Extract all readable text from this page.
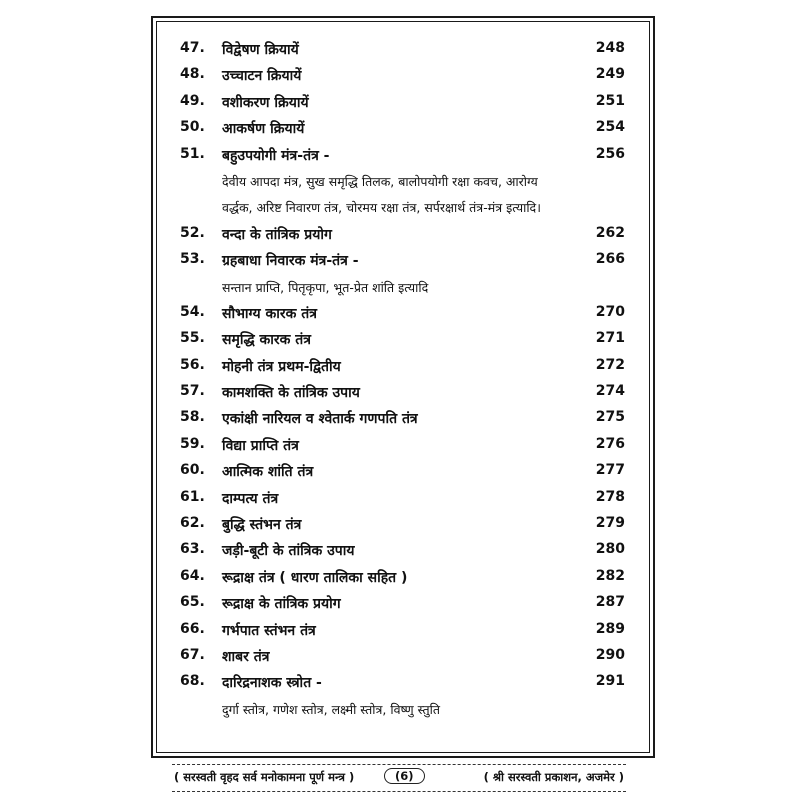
47.	विद्वेषण क्रियायें	248
48.	उच्चाटन क्रियायें	249
49.	वशीकरण क्रियायें	251
50.	आकर्षण क्रियायें	254
51.	बहुउपयोगी मंत्र-तंत्र -	256
देवीय आपदा मंत्र, सुख समृद्धि तिलक, बालोपयोगी रक्षा कवच, आरोग्य
वर्द्धक, अरिष्ट निवारण तंत्र, चोरमय रक्षा तंत्र, सर्परक्षार्थ तंत्र-मंत्र इत्यादि।
52.	वन्दा के तांत्रिक प्रयोग	262
53.	ग्रहबाधा निवारक मंत्र-तंत्र -	266
सन्तान प्राप्ति, पितृकृपा, भूत-प्रेत शांति इत्यादि
54.	सौभाग्य कारक तंत्र	270
55.	समृद्धि कारक तंत्र	271
56.	मोहनी तंत्र प्रथम-द्वितीय	272
57.	कामशक्ति के तांत्रिक उपाय	274
58.	एकांक्षी नारियल व श्वेतार्क गणपति तंत्र	275
59.	विद्या प्राप्ति तंत्र	276
60.	आत्मिक शांति तंत्र	277
61.	दाम्पत्य तंत्र	278
62.	बुद्धि स्तंभन तंत्र	279
63.	जड़ी-बूटी के तांत्रिक उपाय	280
64.	रूद्राक्ष तंत्र ( धारण तालिका सहित )	282
65.	रूद्राक्ष के तांत्रिक प्रयोग	287
66.	गर्भपात स्तंभन तंत्र	289
67.	शाबर तंत्र	290
68.	दारिद्रनाशक स्त्रोत -	291
दुर्गा स्तोत्र, गणेश स्तोत्र, लक्ष्मी स्तोत्र, विष्णु स्तुति
( सरस्वती वृहद सर्व मनोकामना पूर्ण मन्त्र )	(6)	( श्री सरस्वती प्रकाशन, अजमेर )
